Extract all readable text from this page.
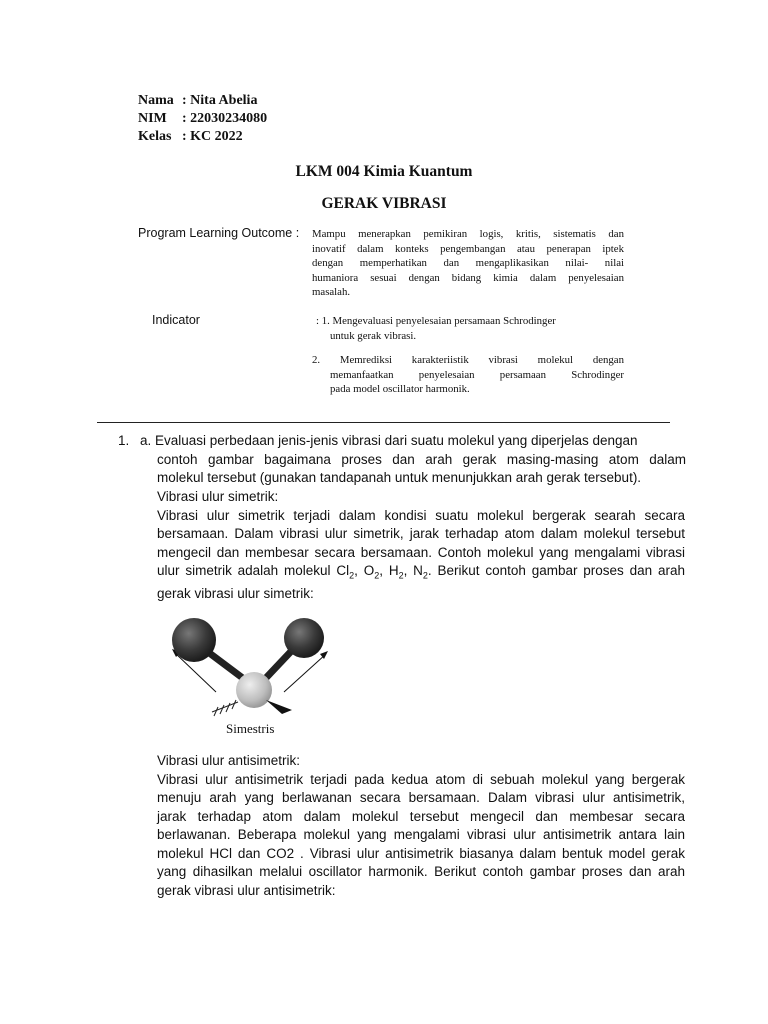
Nama : Nita Abelia
NIM : 22030234080
Kelas : KC 2022
LKM 004 Kimia Kuantum
GERAK VIBRASI
Program Learning Outcome : Mampu menerapkan pemikiran logis, kritis, sistematis dan
inovatif dalam konteks pengembangan atau penerapan iptek
dengan memperhatikan dan mengaplikasikan nilai- nilai
humaniora sesuai dengan bidang kimia dalam penyelesaian
masalah.
Indicator	: 1. Mengevaluasi penyelesaian persamaan Schrodinger
untuk gerak vibrasi.
2. Memrediksi karakteriistik vibrasi molekul dengan
memanfaatkan penyelesaian persamaan Schrodinger
pada model oscillator harmonik.
1. a. Evaluasi perbedaan jenis-jenis vibrasi dari suatu molekul yang diperjelas dengan
contoh gambar bagaimana proses dan arah gerak masing-masing atom dalam
molekul tersebut (gunakan tandapanah untuk menunjukkan arah gerak tersebut).
Vibrasi ulur simetrik:
Vibrasi ulur simetrik terjadi dalam kondisi suatu molekul bergerak searah secara
bersamaan. Dalam vibrasi ulur simetrik, jarak terhadap atom dalam molekul tersebut
mengecil dan membesar secara bersamaan. Contoh molekul yang mengalami vibrasi
ulur simetrik adalah molekul $Cl_2$, $O_2$, $H_2$, $N_2$. Berikut contoh gambar proses dan arah
gerak vibrasi ulur simetrik:
Simestris
Vibrasi ulur antisimetrik:
Vibrasi ulur antisimetrik terjadi pada kedua atom di sebuah molekul yang bergerak
menuju arah yang berlawanan secara bersamaan. Dalam vibrasi ulur antisimetrik,
jarak terhadap atom dalam molekul tersebut mengecil dan membesar secara
berlawanan. Beberapa molekul yang mengalami vibrasi ulur antisimetrik antara lain
molekul HCl dan CO2 . Vibrasi ulur antisimetrik biasanya dalam bentuk model gerak
yang dihasilkan melalui oscillator harmonik. Berikut contoh gambar proses dan arah
gerak vibrasi ulur antisimetrik:
